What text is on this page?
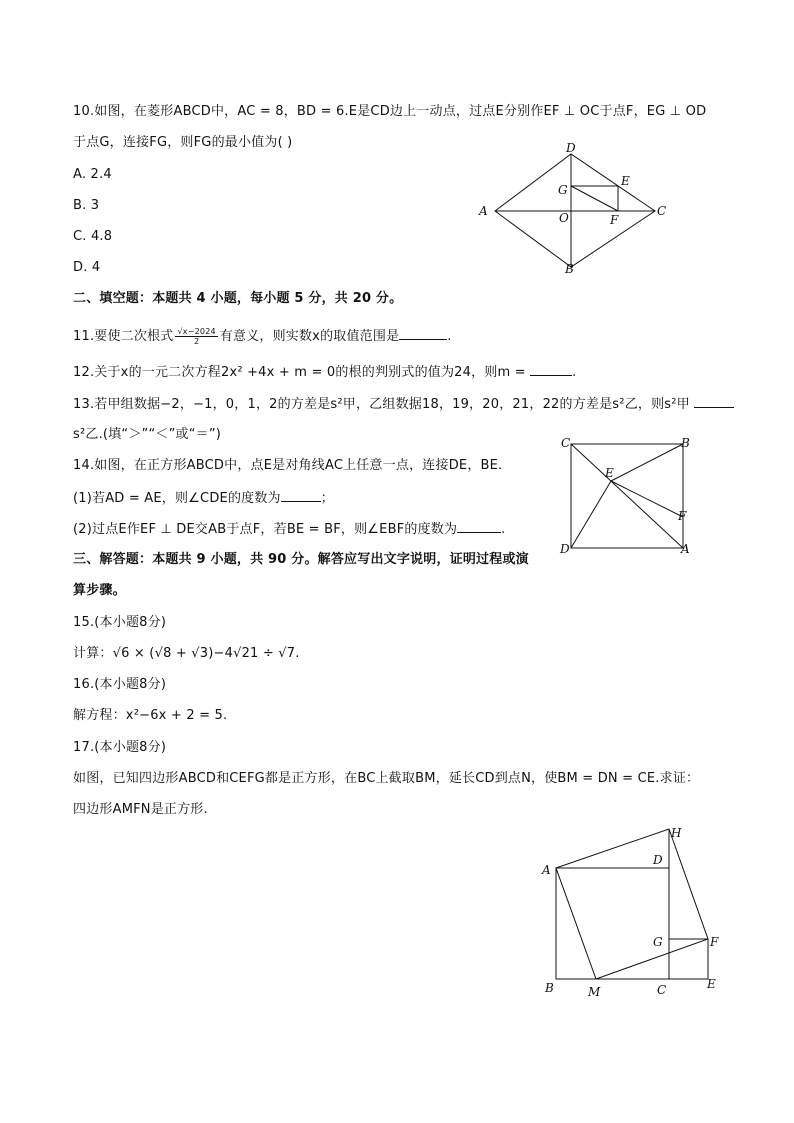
10.如图，在菱形ABCD中，AC = 8，BD = 6.E是CD边上一动点，过点E分别作EF ⊥ OC于点F，EG ⊥ OD
于点G，连接FG，则FG的最小值为( )
A. 2.4
B. 3
C. 4.8
D. 4
D
A	C
B
E
G
O	F
二、填空题：本题共 4 小题，每小题 5 分，共 20 分。
11.要使二次根式 $\frac{√x-2024}{2}$ 有意义，则实数x的取值范围是	.
12.关于x的一元二次方程2x² +4x + m = 0的根的判别式的值为24，则m =	.
13.若甲组数据−2，−1，0，1，2的方差是s²甲，乙组数据18，19，20，21，22的方差是s²乙，则s²甲
s²乙.(填“＞”“＜”或“＝”)
14.如图，在正方形ABCD中，点E是对角线AC上任意一点，连接DE，BE.
(1)若AD = AE，则∠CDE的度数为	；
(2)过点E作EF ⊥ DE交AB于点F，若BE = BF，则∠EBF的度数为	.
C	B
D	A
E
F
三、解答题：本题共 9 小题，共 90 分。解答应写出文字说明，证明过程或演
算步骤。
15.(本小题8分)
计算：√6 × (√8 + √3)−4√21 ÷ √7.
16.(本小题8分)
解方程：x²−6x + 2 = 5.
17.(本小题8分)
如图，已知四边形ABCD和CEFG都是正方形，在BC上截取BM，延长CD到点N，使BM = DN = CE.求证：
四边形AMFN是正方形.
A
D
H
G	F
B	M	C	E
